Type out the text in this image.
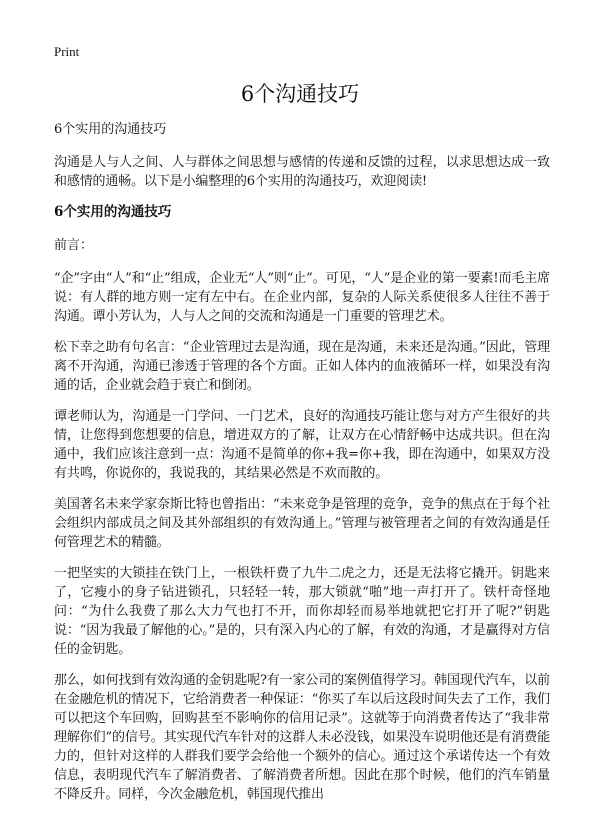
Print
6个沟通技巧
6个实用的沟通技巧

沟通是人与人之间、人与群体之间思想与感情的传递和反馈的过程，以求思想达成一致和感情的通畅。以下是小编整理的6个实用的沟通技巧，欢迎阅读!

6个实用的沟通技巧
前言：

“企”字由“人”和“止”组成，企业无“人”则“止”。可见，“人”是企业的第一要素!而毛主席说：有人群的地方则一定有左中右。在企业内部，复杂的人际关系使很多人往往不善于沟通。谭小芳认为，人与人之间的交流和沟通是一门重要的管理艺术。

松下幸之助有句名言：“企业管理过去是沟通，现在是沟通，未来还是沟通。”因此，管理离不开沟通，沟通已渗透于管理的各个方面。正如人体内的血液循环一样，如果没有沟通的话，企业就会趋于衰亡和倒闭。

谭老师认为，沟通是一门学问、一门艺术，良好的沟通技巧能让您与对方产生很好的共情，让您得到您想要的信息，增进双方的了解，让双方在心情舒畅中达成共识。但在沟通中，我们应该注意到一点：沟通不是简单的你+我=你+我，即在沟通中，如果双方没有共鸣，你说你的，我说我的，其结果必然是不欢而散的。

美国著名未来学家奈斯比特也曾指出：“未来竞争是管理的竞争，竞争的焦点在于每个社会组织内部成员之间及其外部组织的有效沟通上。”管理与被管理者之间的有效沟通是任何管理艺术的精髓。

一把坚实的大锁挂在铁门上，一根铁杆费了九牛二虎之力，还是无法将它撬开。钥匙来了，它瘦小的身子钻进锁孔，只轻轻一转，那大锁就“啪”地一声打开了。铁杆奇怪地问：“为什么我费了那么大力气也打不开，而你却轻而易举地就把它打开了呢?”钥匙说：“因为我最了解他的心。”是的，只有深入内心的了解，有效的沟通，才是赢得对方信任的金钥匙。

那么，如何找到有效沟通的金钥匙呢?有一家公司的案例值得学习。韩国现代汽车，以前在金融危机的情况下，它给消费者一种保证：“你买了车以后这段时间失去了工作，我们可以把这个车回购，回购甚至不影响你的信用记录”。这就等于向消费者传达了“我非常理解你们”的信号。其实现代汽车针对的这群人未必没钱，如果没车说明他还是有消费能力的，但针对这样的人群我们要学会给他一个额外的信心。通过这个承诺传达一个有效信息，表明现代汽车了解消费者、了解消费者所想。因此在那个时候，他们的汽车销量不降反升。同样，今次金融危机，韩国现代推出
